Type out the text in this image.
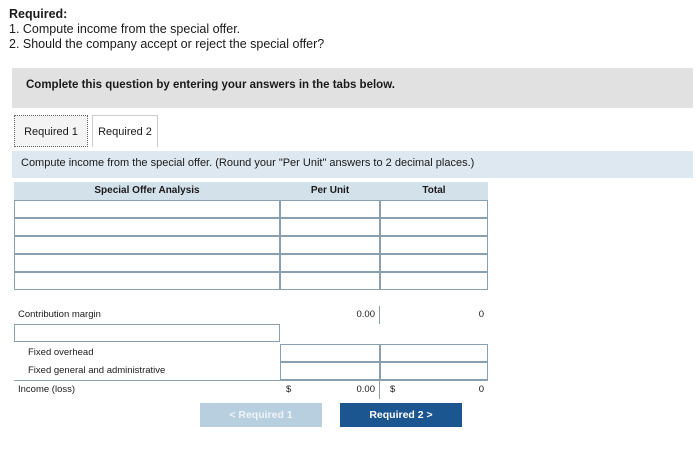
Required:
1. Compute income from the special offer.
2. Should the company accept or reject the special offer?
Complete this question by entering your answers in the tabs below.
Required 1	Required 2
Compute income from the special offer. (Round your "Per Unit" answers to 2 decimal places.)
Special Offer Analysis	Per Unit	Total
Contribution margin	0.00	0
Fixed overhead
Fixed general and administrative
Income (loss)	$	0.00	$	0
< Required 1	Required 2 >
